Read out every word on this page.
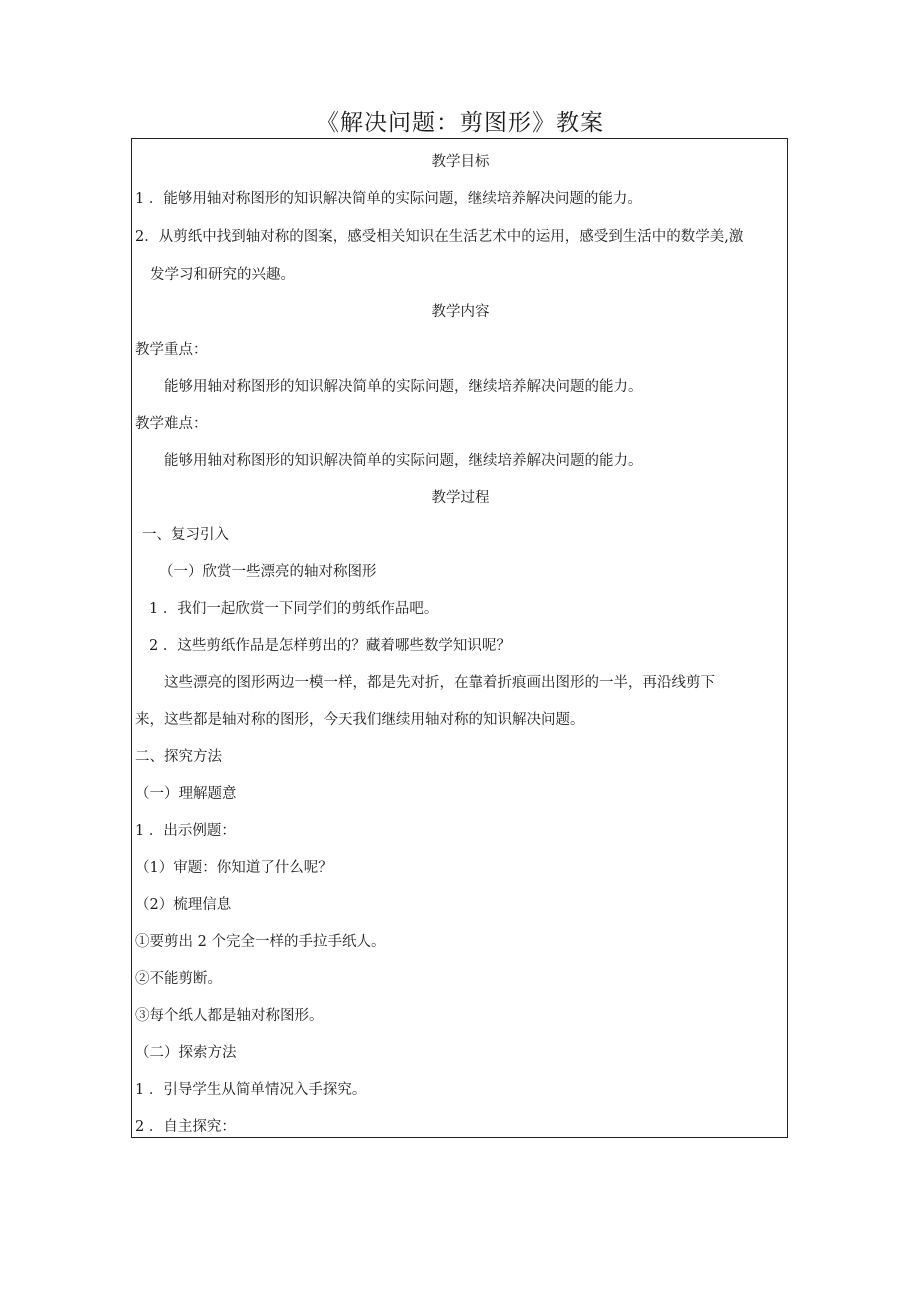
《解决问题：剪图形》教案
教学目标
1 ．能够用轴对称图形的知识解决简单的实际问题，继续培养解决问题的能力。
2．从剪纸中找到轴对称的图案，感受相关知识在生活艺术中的运用，感受到生活中的数学美,激
发学习和研究的兴趣。
教学内容
教学重点：
能够用轴对称图形的知识解决简单的实际问题，继续培养解决问题的能力。
教学难点：
能够用轴对称图形的知识解决简单的实际问题，继续培养解决问题的能力。
教学过程
一、复习引入
（一）欣赏一些漂亮的轴对称图形
1 ．我们一起欣赏一下同学们的剪纸作品吧。
2 ．这些剪纸作品是怎样剪出的？藏着哪些数学知识呢？
这些漂亮的图形两边一模一样，都是先对折，在靠着折痕画出图形的一半，再沿线剪下
来，这些都是轴对称的图形，今天我们继续用轴对称的知识解决问题。
二、探究方法
（一）理解题意
1 ．出示例题：
（1）审题：你知道了什么呢？
（2）梳理信息
①要剪出 2 个完全一样的手拉手纸人。
②不能剪断。
③每个纸人都是轴对称图形。
（二）探索方法
1 ．引导学生从简单情况入手探究。
2 ．自主探究：
